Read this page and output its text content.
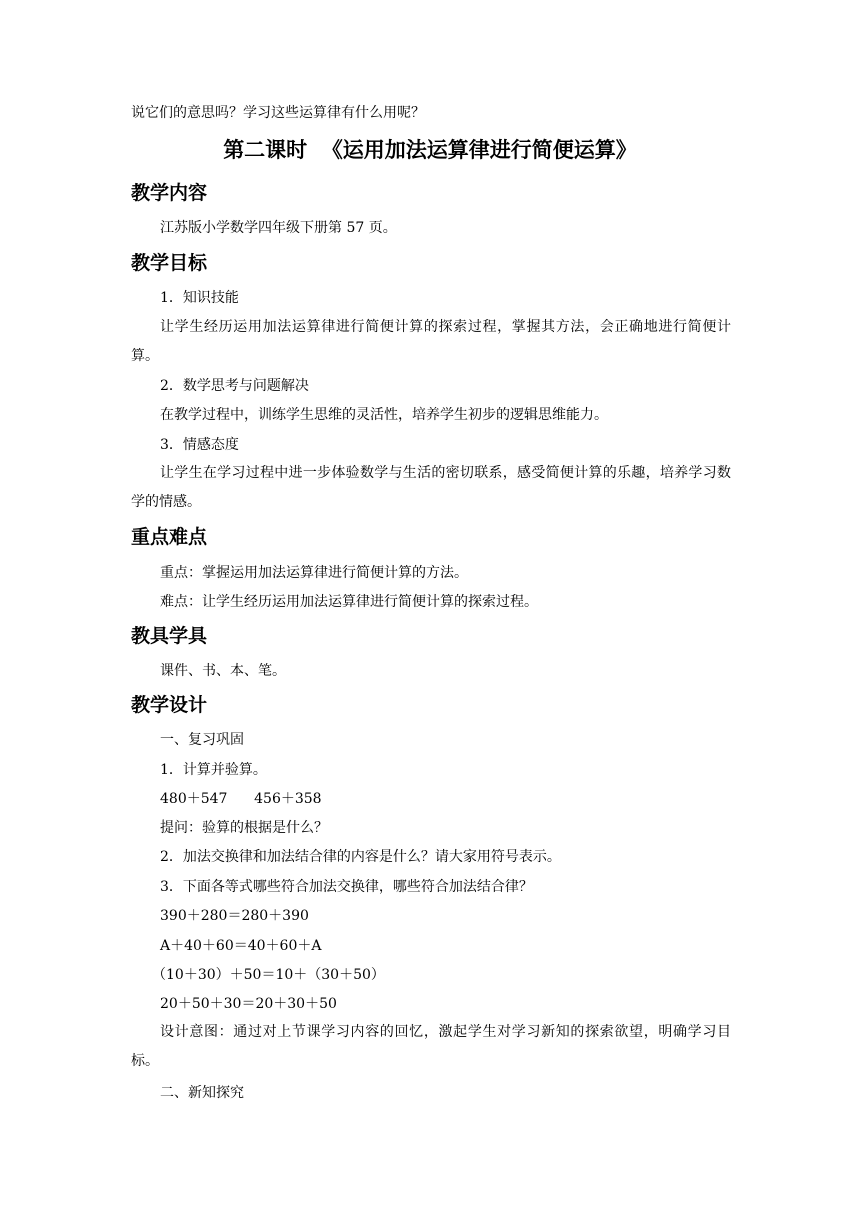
说它们的意思吗？学习这些运算律有什么用呢？
第二课时  《运用加法运算律进行简便运算》
教学内容
江苏版小学数学四年级下册第 57 页。
教学目标
1．知识技能
让学生经历运用加法运算律进行简便计算的探索过程，掌握其方法，会正确地进行简便计算。
2．数学思考与问题解决
在教学过程中，训练学生思维的灵活性，培养学生初步的逻辑思维能力。
3．情感态度
让学生在学习过程中进一步体验数学与生活的密切联系，感受简便计算的乐趣，培养学习数学的情感。
重点难点
重点：掌握运用加法运算律进行简便计算的方法。
难点：让学生经历运用加法运算律进行简便计算的探索过程。
教具学具
课件、书、本、笔。
教学设计
一、复习巩固
1．计算并验算。
480＋547      456＋358
提问：验算的根据是什么？
2．加法交换律和加法结合律的内容是什么？请大家用符号表示。
3．下面各等式哪些符合加法交换律，哪些符合加法结合律？
390＋280＝280＋390
A＋40＋60＝40＋60＋A
（10＋30）＋50＝10＋（30＋50）
20＋50＋30＝20＋30＋50
设计意图：通过对上节课学习内容的回忆，激起学生对学习新知的探索欲望，明确学习目标。
二、新知探究
